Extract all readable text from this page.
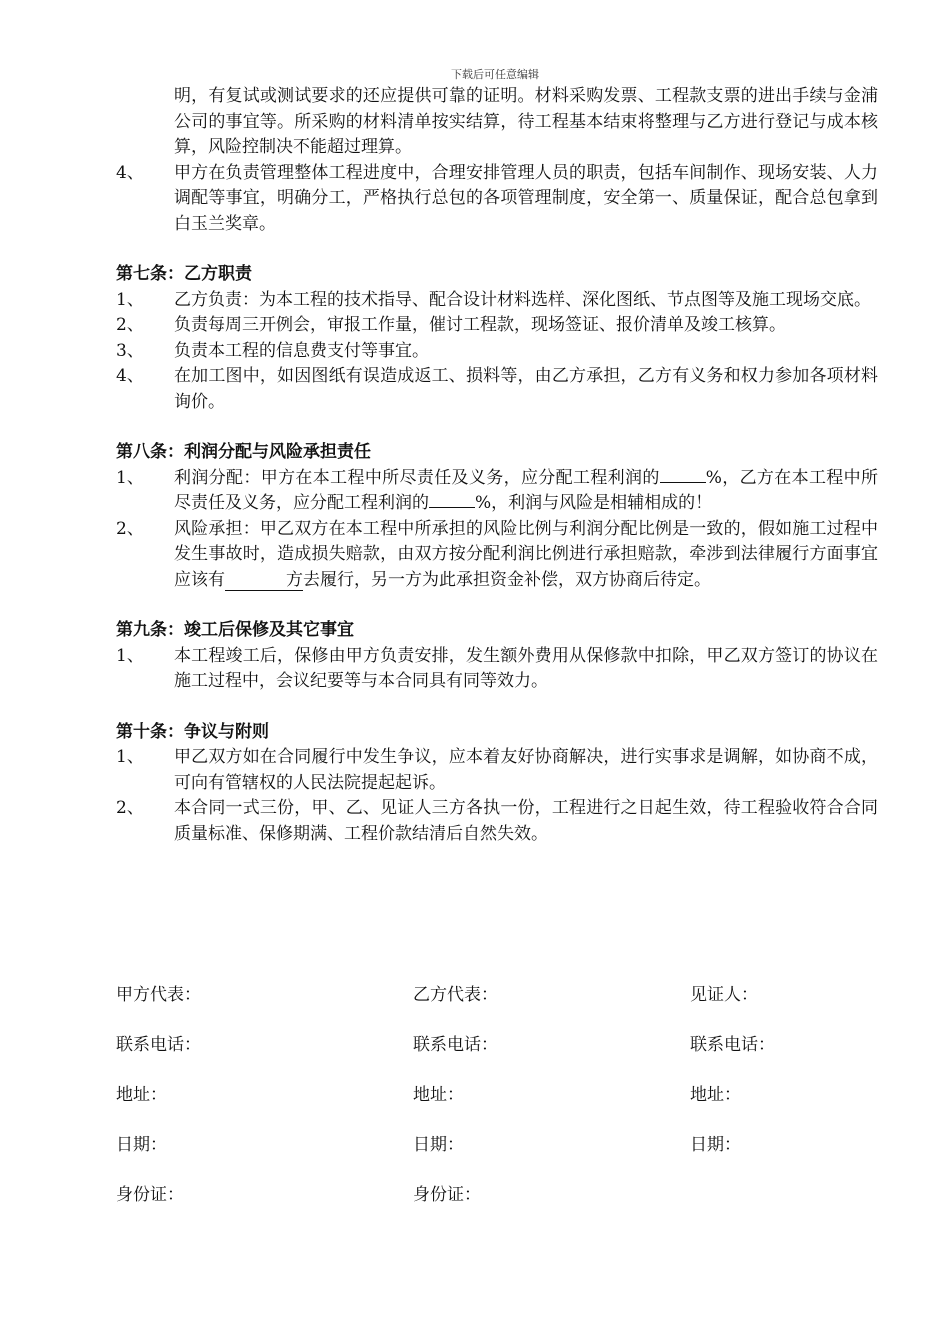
下载后可任意编辑
明，有复试或测试要求的还应提供可靠的证明。材料采购发票、工程款支票的进出手续与金浦公司的事宜等。所采购的材料清单按实结算，待工程基本结束将整理与乙方进行登记与成本核算，风险控制决不能超过理算。
4、	甲方在负责管理整体工程进度中，合理安排管理人员的职责，包括车间制作、现场安装、人力调配等事宜，明确分工，严格执行总包的各项管理制度，安全第一、质量保证，配合总包拿到白玉兰奖章。
第七条：乙方职责
1、	乙方负责：为本工程的技术指导、配合设计材料选样、深化图纸、节点图等及施工现场交底。
2、	负责每周三开例会，审报工作量，催讨工程款，现场签证、报价清单及竣工核算。
3、	负责本工程的信息费支付等事宜。
4、	在加工图中，如因图纸有误造成返工、损料等，由乙方承担，乙方有义务和权力参加各项材料询价。
第八条：利润分配与风险承担责任
1、	利润分配：甲方在本工程中所尽责任及义务，应分配工程利润的	%，乙方在本工程中所尽责任及义务，应分配工程利润的	%，利润与风险是相辅相成的！
2、	风险承担：甲乙双方在本工程中所承担的风险比例与利润分配比例是一致的，假如施工过程中发生事故时，造成损失赔款，由双方按分配利润比例进行承担赔款，牵涉到法律履行方面事宜应该有	方去履行，另一方为此承担资金补偿，双方协商后待定。
第九条：竣工后保修及其它事宜
1、	本工程竣工后，保修由甲方负责安排，发生额外费用从保修款中扣除，甲乙双方签订的协议在施工过程中，会议纪要等与本合同具有同等效力。
第十条：争议与附则
1、	甲乙双方如在合同履行中发生争议，应本着友好协商解决，进行实事求是调解，如协商不成，可向有管辖权的人民法院提起起诉。
2、	本合同一式三份，甲、乙、见证人三方各执一份，工程进行之日起生效，待工程验收符合合同质量标准、保修期满、工程价款结清后自然失效。
甲方代表：	乙方代表：	见证人：
联系电话：	联系电话：	联系电话：
地址：	地址：	地址：
日期：	日期：	日期：
身份证：	身份证：
